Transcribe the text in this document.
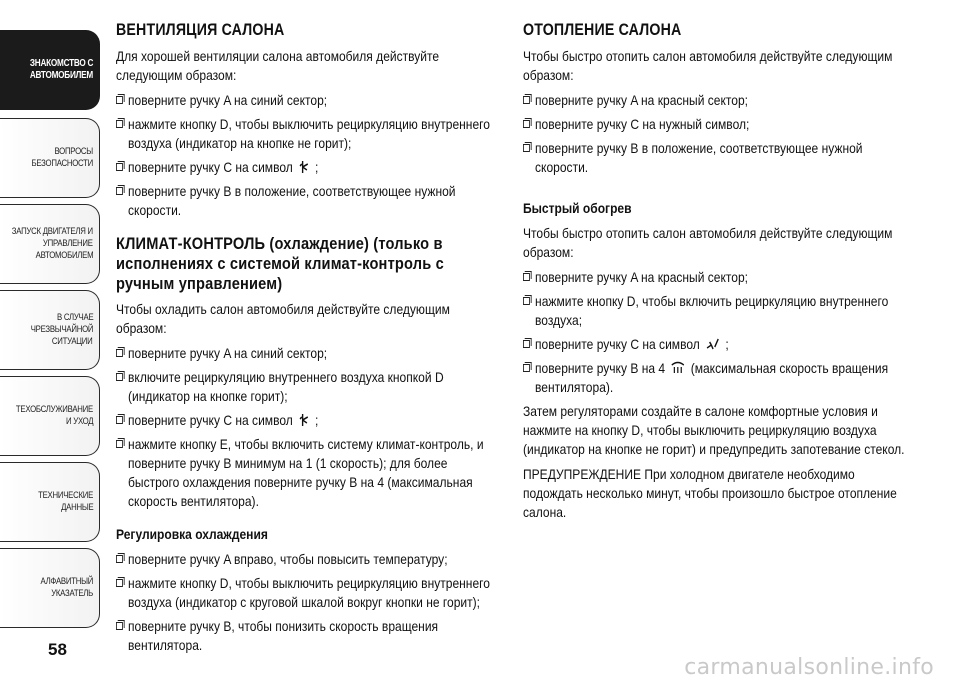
ЗНАКОМСТВО С
АВТОМОБИЛЕМ
ВОПРОСЫ
БЕЗОПАСНОСТИ
ЗАПУСК ДВИГАТЕЛЯ И
УПРАВЛЕНИЕ
АВТОМОБИЛЕМ
В СЛУЧАЕ
ЧРЕЗВЫЧАЙНОЙ
СИТУАЦИИ
ТЕХОБСЛУЖИВАНИЕ
И УХОД
ТЕХНИЧЕСКИЕ
ДАННЫЕ
АЛФАВИТНЫЙ
УКАЗАТЕЛЬ
58
ВЕНТИЛЯЦИЯ САЛОНА

Для хорошей вентиляции салона автомобиля действуйте следующим образом:

поверните ручку A на синий сектор;
нажмите кнопку D, чтобы выключить рециркуляцию внутреннего воздуха (индикатор на кнопке не горит);
поверните ручку C на символ ;
поверните ручку B в положение, соответствующее нужной скорости.
КЛИМАТ-КОНТРОЛЬ (охлаждение) (только в исполнениях с системой климат-контроль с ручным управлением)

Чтобы охладить салон автомобиля действуйте следующим образом:

поверните ручку A на синий сектор;
включите рециркуляцию внутреннего воздуха кнопкой D (индикатор на кнопке горит);
поверните ручку C на символ ;
нажмите кнопку E, чтобы включить систему климат-контроль, и поверните ручку B минимум на 1 (1 скорость); для более быстрого охлаждения поверните ручку B на 4 (максимальная скорость вентилятора).
Регулировка охлаждения
поверните ручку A вправо, чтобы повысить температуру;
нажмите кнопку D, чтобы выключить рециркуляцию внутреннего воздуха (индикатор с круговой шкалой вокруг кнопки не горит);
поверните ручку B, чтобы понизить скорость вращения вентилятора.
ОТОПЛЕНИЕ САЛОНА

Чтобы быстро отопить салон автомобиля действуйте следующим образом:

поверните ручку A на красный сектор;
поверните ручку C на нужный символ;
поверните ручку B в положение, соответствующее нужной скорости.
Быстрый обогрев

Чтобы быстро отопить салон автомобиля действуйте следующим образом:

поверните ручку A на красный сектор;
нажмите кнопку D, чтобы включить рециркуляцию внутреннего воздуха;
поверните ручку C на символ ;
поверните ручку B на 4 (максимальная скорость вращения вентилятора).

Затем регуляторами создайте в салоне комфортные условия и нажмите на кнопку D, чтобы выключить рециркуляцию воздуха (индикатор на кнопке не горит) и предупредить запотевание стекол.

ПРЕДУПРЕЖДЕНИЕ При холодном двигателе необходимо подождать несколько минут, чтобы произошло быстрое отопление салона.

carmanualsonline.info
